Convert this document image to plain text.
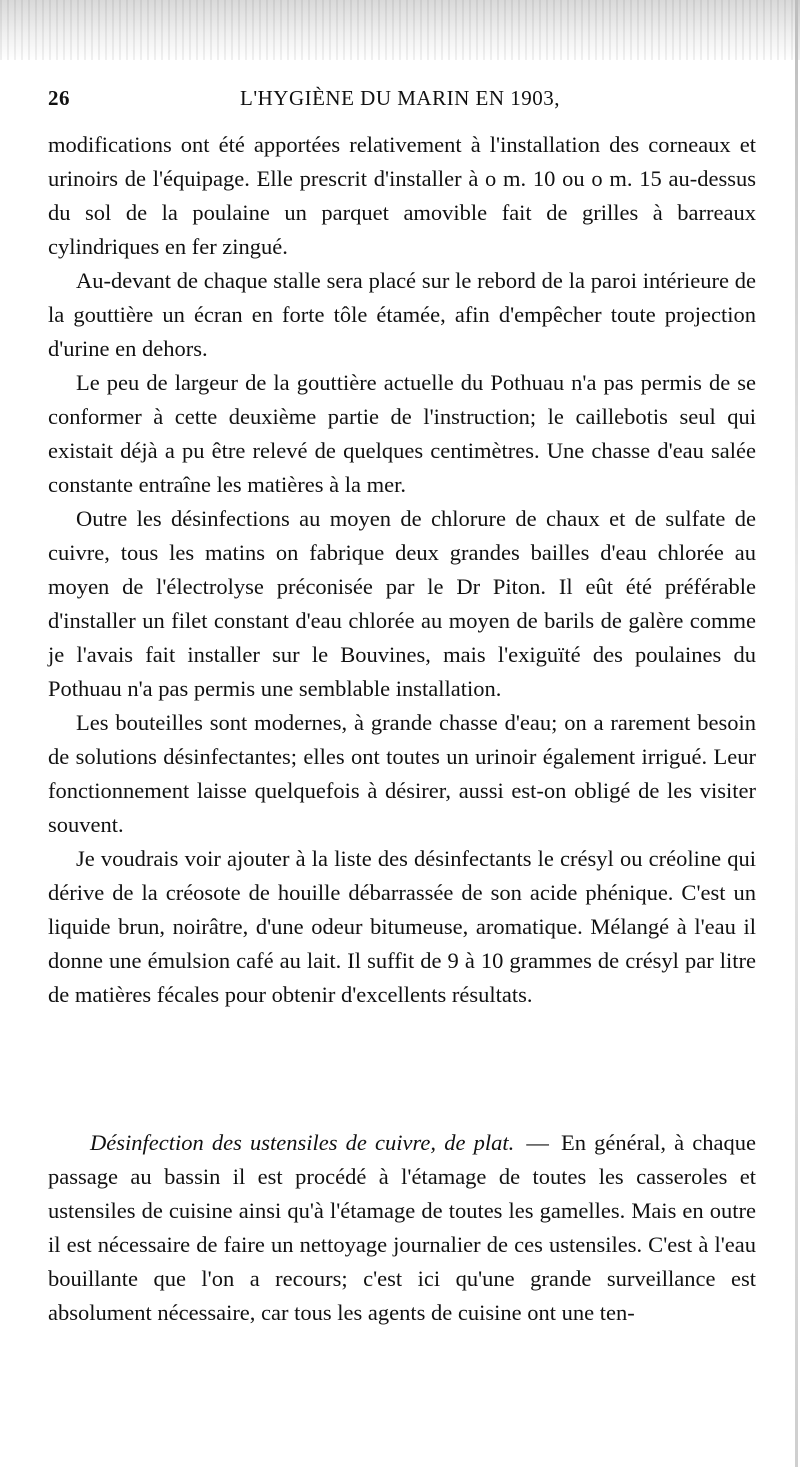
26	L'HYGIÈNE DU MARIN EN 1903,

modifications ont été apportées relativement à l'installation des corneaux et urinoirs de l'équipage. Elle prescrit d'installer à o m. 10 ou o m. 15 au-dessus du sol de la poulaine un parquet amovible fait de grilles à barreaux cylindriques en fer zingué.

Au-devant de chaque stalle sera placé sur le rebord de la paroi intérieure de la gouttière un écran en forte tôle étamée, afin d'empêcher toute projection d'urine en dehors.

Le peu de largeur de la gouttière actuelle du Pothuau n'a pas permis de se conformer à cette deuxième partie de l'instruction; le caillebotis seul qui existait déjà a pu être relevé de quelques centimètres. Une chasse d'eau salée constante entraîne les matières à la mer.

Outre les désinfections au moyen de chlorure de chaux et de sulfate de cuivre, tous les matins on fabrique deux grandes bailles d'eau chlorée au moyen de l'électrolyse préconisée par le Dr Piton. Il eût été préférable d'installer un filet constant d'eau chlorée au moyen de barils de galère comme je l'avais fait installer sur le Bouvines, mais l'exiguïté des poulaines du Pothuau n'a pas permis une semblable installation.

Les bouteilles sont modernes, à grande chasse d'eau; on a rarement besoin de solutions désinfectantes; elles ont toutes un urinoir également irrigué. Leur fonctionnement laisse quelquefois à désirer, aussi est-on obligé de les visiter souvent.

Je voudrais voir ajouter à la liste des désinfectants le crésyl ou créoline qui dérive de la créosote de houille débarrassée de son acide phénique. C'est un liquide brun, noirâtre, d'une odeur bitumeuse, aromatique. Mélangé à l'eau il donne une émulsion café au lait. Il suffit de 9 à 10 grammes de crésyl par litre de matières fécales pour obtenir d'excellents résultats.

Désinfection des ustensiles de cuivre, de plat. — En général, à chaque passage au bassin il est procédé à l'étamage de toutes les casseroles et ustensiles de cuisine ainsi qu'à l'étamage de toutes les gamelles. Mais en outre il est nécessaire de faire un nettoyage journalier de ces ustensiles. C'est à l'eau bouillante que l'on a recours; c'est ici qu'une grande surveillance est absolument nécessaire, car tous les agents de cuisine ont une ten-
